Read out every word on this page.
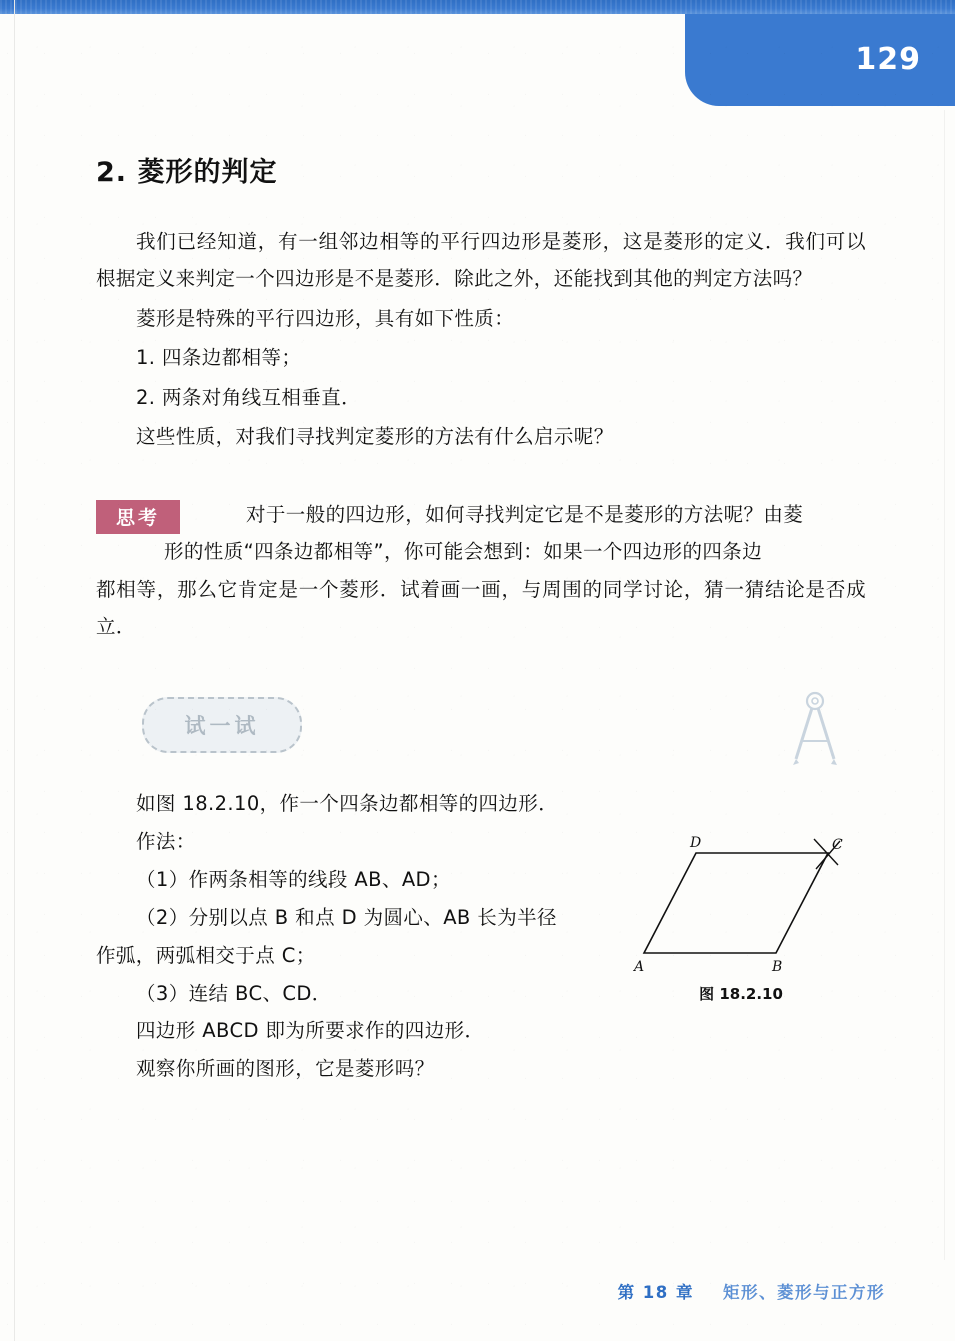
129
2. 菱形的判定

我们已经知道，有一组邻边相等的平行四边形是菱形，这是菱形的定义．我们可以根据定义来判定一个四边形是不是菱形．除此之外，还能找到其他的判定方法吗？

菱形是特殊的平行四边形，具有如下性质：

1. 四条边都相等；

2. 两条对角线互相垂直．

这些性质，对我们寻找判定菱形的方法有什么启示呢？

思考	对于一般的四边形，如何寻找判定它是不是菱形的方法呢？由菱

形的性质“四条边都相等”，你可能会想到：如果一个四边形的四条边

都相等，那么它肯定是一个菱形．试着画一画，与周围的同学讨论，猜一猜结论是否成立．

试一试

如图 18.2.10，作一个四条边都相等的四边形．

作法：

（1）作两条相等的线段 AB、AD；

（2）分别以点 B 和点 D 为圆心、AB 长为半径作弧，两弧相交于点 C；

（3）连结 BC、CD．

四边形 ABCD 即为所要求作的四边形．

观察你所画的图形，它是菱形吗？

D	C
A	B
图 18.2.10
第 18 章 矩形、菱形与正方形
